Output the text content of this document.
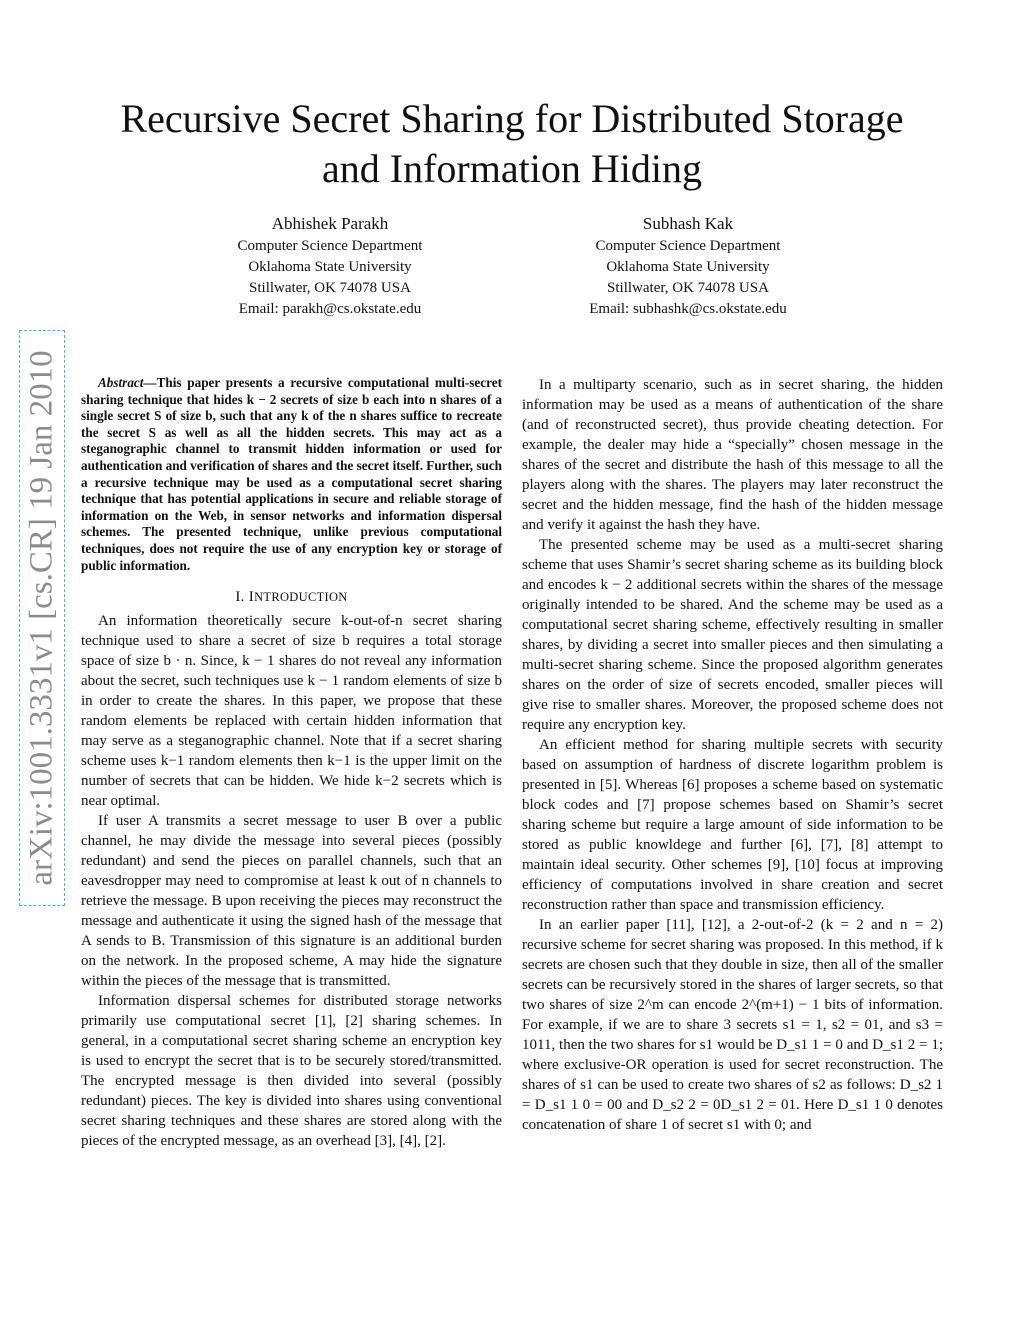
arXiv:1001.3331v1 [cs.CR] 19 Jan 2010
Recursive Secret Sharing for Distributed Storage
and Information Hiding
Abhishek Parakh
Computer Science Department
Oklahoma State University
Stillwater, OK 74078 USA
Email: parakh@cs.okstate.edu
Subhash Kak
Computer Science Department
Oklahoma State University
Stillwater, OK 74078 USA
Email: subhashk@cs.okstate.edu

Abstract—This paper presents a recursive computational multi-secret sharing technique that hides k − 2 secrets of size b each into n shares of a single secret S of size b, such that any k of the n shares suffice to recreate the secret S as well as all the hidden secrets. This may act as a steganographic channel to transmit hidden information or used for authentication and verification of shares and the secret itself. Further, such a recursive technique may be used as a computational secret sharing technique that has potential applications in secure and reliable storage of information on the Web, in sensor networks and information dispersal schemes. The presented technique, unlike previous computational techniques, does not require the use of any encryption key or storage of public information.

I. INTRODUCTION

An information theoretically secure k-out-of-n secret sharing technique used to share a secret of size b requires a total storage space of size b · n. Since, k − 1 shares do not reveal any information about the secret, such techniques use k − 1 random elements of size b in order to create the shares. In this paper, we propose that these random elements be replaced with certain hidden information that may serve as a steganographic channel. Note that if a secret sharing scheme uses k−1 random elements then k−1 is the upper limit on the number of secrets that can be hidden. We hide k−2 secrets which is near optimal.

If user A transmits a secret message to user B over a public channel, he may divide the message into several pieces (possibly redundant) and send the pieces on parallel channels, such that an eavesdropper may need to compromise at least k out of n channels to retrieve the message. B upon receiving the pieces may reconstruct the message and authenticate it using the signed hash of the message that A sends to B. Transmission of this signature is an additional burden on the network. In the proposed scheme, A may hide the signature within the pieces of the message that is transmitted.

Information dispersal schemes for distributed storage networks primarily use computational secret [1], [2] sharing schemes. In general, in a computational secret sharing scheme an encryption key is used to encrypt the secret that is to be securely stored/transmitted. The encrypted message is then divided into several (possibly redundant) pieces. The key is divided into shares using conventional secret sharing techniques and these shares are stored along with the pieces of the encrypted message, as an overhead [3], [4], [2].

In a multiparty scenario, such as in secret sharing, the hidden information may be used as a means of authentication of the share (and of reconstructed secret), thus provide cheating detection. For example, the dealer may hide a “specially” chosen message in the shares of the secret and distribute the hash of this message to all the players along with the shares. The players may later reconstruct the secret and the hidden message, find the hash of the hidden message and verify it against the hash they have.

The presented scheme may be used as a multi-secret sharing scheme that uses Shamir’s secret sharing scheme as its building block and encodes k − 2 additional secrets within the shares of the message originally intended to be shared. And the scheme may be used as a computational secret sharing scheme, effectively resulting in smaller shares, by dividing a secret into smaller pieces and then simulating a multi-secret sharing scheme. Since the proposed algorithm generates shares on the order of size of secrets encoded, smaller pieces will give rise to smaller shares. Moreover, the proposed scheme does not require any encryption key.

An efficient method for sharing multiple secrets with security based on assumption of hardness of discrete logarithm problem is presented in [5]. Whereas [6] proposes a scheme based on systematic block codes and [7] propose schemes based on Shamir’s secret sharing scheme but require a large amount of side information to be stored as public knowldege and further [6], [7], [8] attempt to maintain ideal security. Other schemes [9], [10] focus at improving efficiency of computations involved in share creation and secret reconstruction rather than space and transmission efficiency.

In an earlier paper [11], [12], a 2-out-of-2 (k = 2 and n = 2) recursive scheme for secret sharing was proposed. In this method, if k secrets are chosen such that they double in size, then all of the smaller secrets can be recursively stored in the shares of larger secrets, so that two shares of size 2^m can encode 2^(m+1) − 1 bits of information. For example, if we are to share 3 secrets s1 = 1, s2 = 01, and s3 = 1011, then the two shares for s1 would be D_s1 1 = 0 and D_s1 2 = 1; where exclusive-OR operation is used for secret reconstruction. The shares of s1 can be used to create two shares of s2 as follows: D_s2 1 = D_s1 1 0 = 00 and D_s2 2 = 0D_s1 2 = 01. Here D_s1 1 0 denotes concatenation of share 1 of secret s1 with 0; and
